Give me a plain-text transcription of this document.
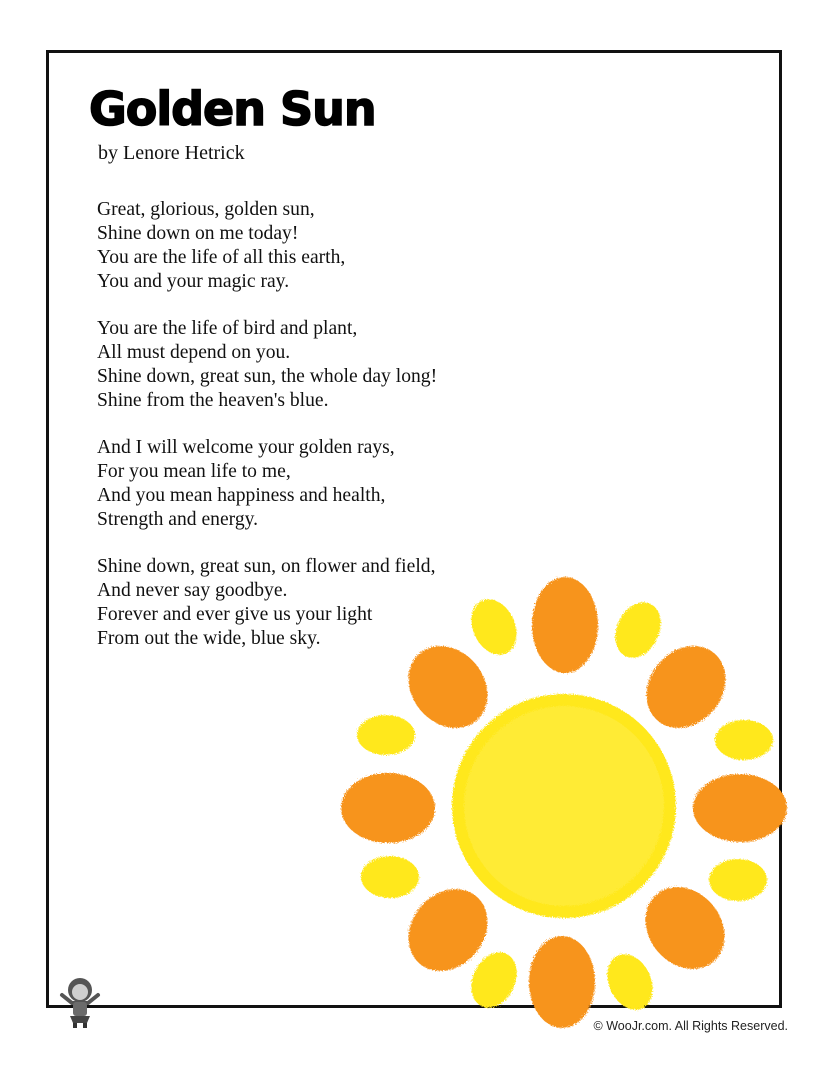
Golden Sun
by Lenore Hetrick
Great, glorious, golden sun,
Shine down on me today!
You are the life of all this earth,
You and your magic ray.
You are the life of bird and plant,
All must depend on you.
Shine down, great sun, the whole day long!
Shine from the heaven's blue.
And I will welcome your golden rays,
For you mean life to me,
And you mean happiness and health,
Strength and energy.
Shine down, great sun, on flower and field,
And never say goodbye.
Forever and ever give us your light
From out the wide, blue sky.
© WooJr.com. All Rights Reserved.
